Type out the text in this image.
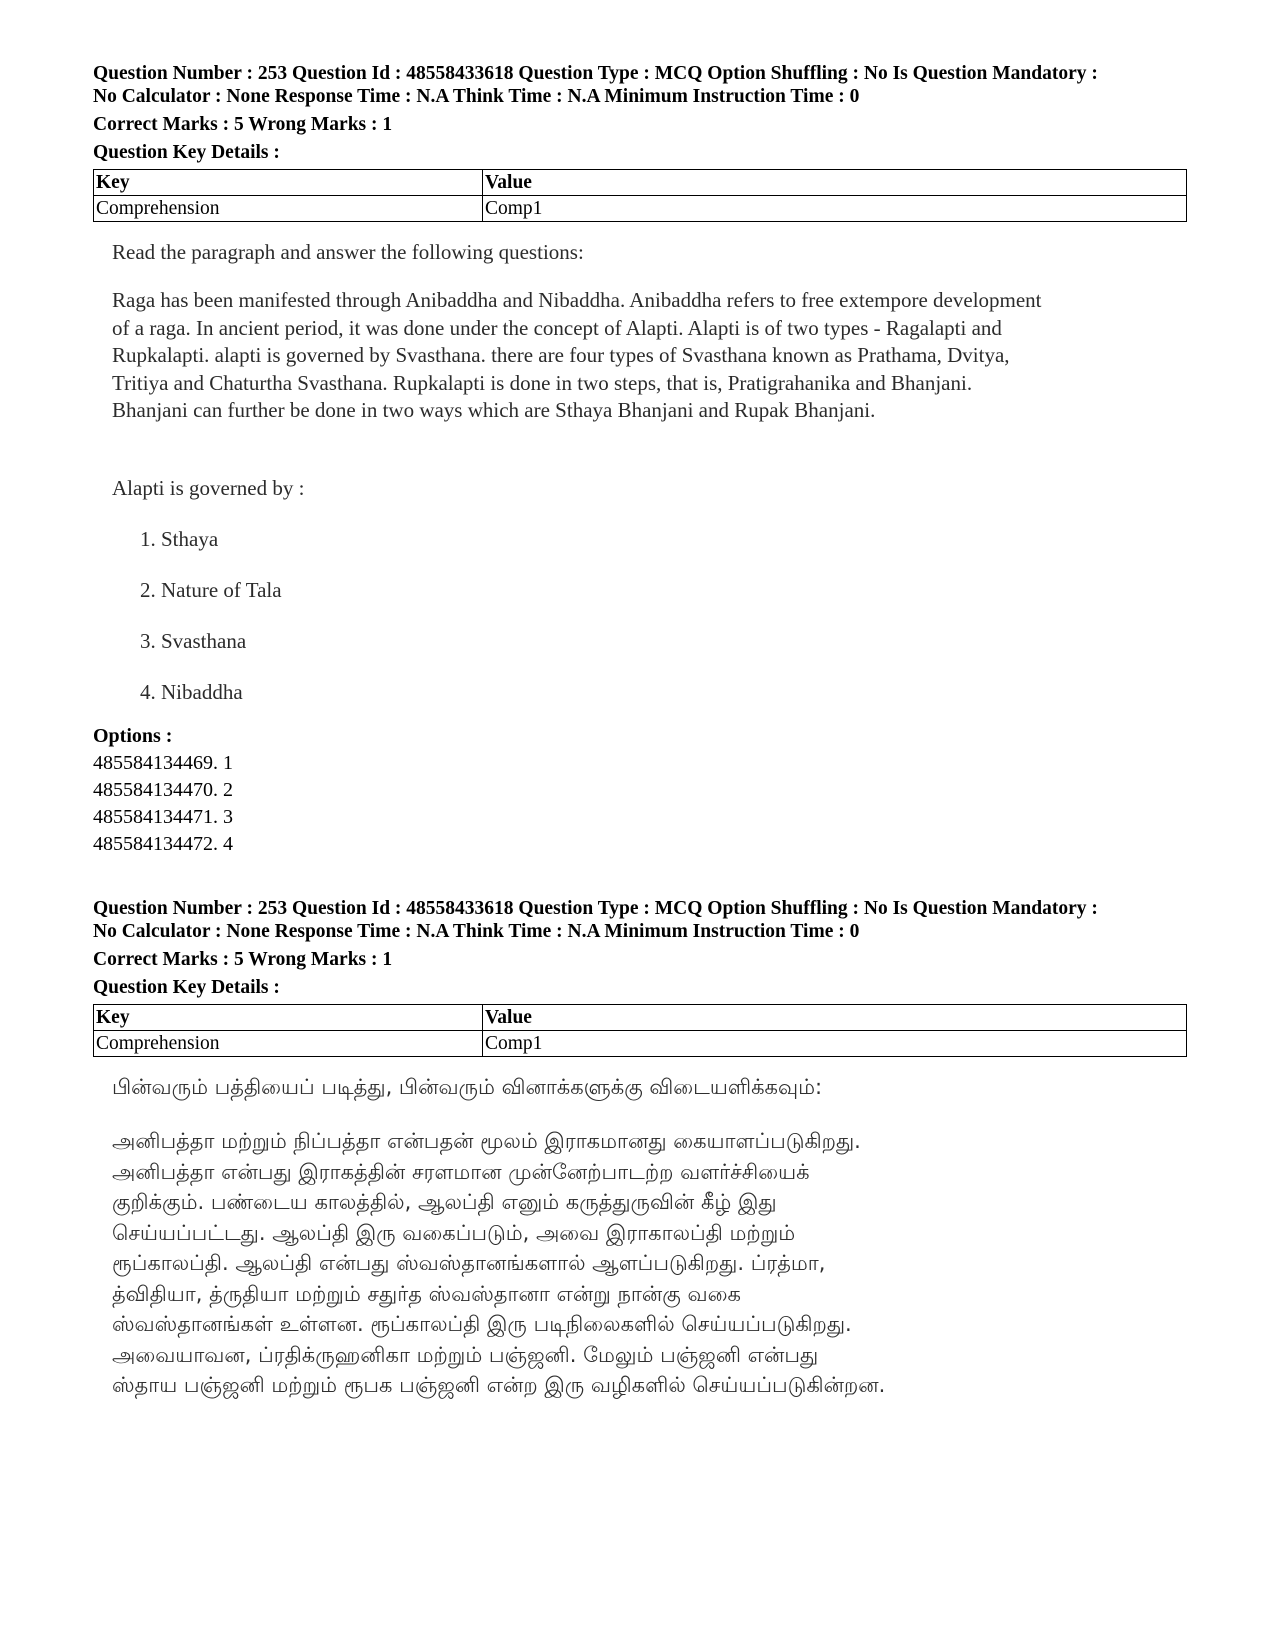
Question Number : 253 Question Id : 48558433618 Question Type : MCQ Option Shuffling : No Is Question Mandatory :
No Calculator : None Response Time : N.A Think Time : N.A Minimum Instruction Time : 0
Correct Marks : 5 Wrong Marks : 1
Question Key Details :
Key	Value
Comprehension	Comp1

Read the paragraph and answer the following questions:

Raga has been manifested through Anibaddha and Nibaddha. Anibaddha refers to free extempore development

of a raga. In ancient period, it was done under the concept of Alapti. Alapti is of two types - Ragalapti and

Rupkalapti. alapti is governed by Svasthana. there are four types of Svasthana known as Prathama, Dvitya,

Tritiya and Chaturtha Svasthana. Rupkalapti is done in two steps, that is, Pratigrahanika and Bhanjani.

Bhanjani can further be done in two ways which are Sthaya Bhanjani and Rupak Bhanjani.

Alapti is governed by :
1. Sthaya
2. Nature of Tala
3. Svasthana
4. Nibaddha
Options :
485584134469. 1
485584134470. 2
485584134471. 3
485584134472. 4
Question Number : 253 Question Id : 48558433618 Question Type : MCQ Option Shuffling : No Is Question Mandatory :
No Calculator : None Response Time : N.A Think Time : N.A Minimum Instruction Time : 0
Correct Marks : 5 Wrong Marks : 1
Question Key Details :
Key	Value
Comprehension	Comp1

பின்வரும் பத்தியைப் படித்து, பின்வரும் வினாக்களுக்கு விடையளிக்கவும்:

அனிபத்தா மற்றும் நிப்பத்தா என்பதன் மூலம் இராகமானது கையாளப்படுகிறது.

அனிபத்தா என்பது இராகத்தின் சரளமான முன்னேற்பாடற்ற வளர்ச்சியைக்

குறிக்கும். பண்டைய காலத்தில், ஆலப்தி எனும் கருத்துருவின் கீழ் இது

செய்யப்பட்டது. ஆலப்தி இரு வகைப்படும், அவை இராகாலப்தி மற்றும்

ரூப்காலப்தி. ஆலப்தி என்பது ஸ்வஸ்தானங்களால் ஆளப்படுகிறது. ப்ரத்மா,

த்விதியா, த்ருதியா மற்றும் சதுர்த ஸ்வஸ்தானா என்று நான்கு வகை

ஸ்வஸ்தானங்கள் உள்ளன. ரூப்காலப்தி இரு படிநிலைகளில் செய்யப்படுகிறது.

அவையாவன, ப்ரதிக்ருஹனிகா மற்றும் பஞ்ஜனி. மேலும் பஞ்ஜனி என்பது

ஸ்தாய பஞ்ஜனி மற்றும் ரூபக பஞ்ஜனி என்ற இரு வழிகளில் செய்யப்படுகின்றன.
